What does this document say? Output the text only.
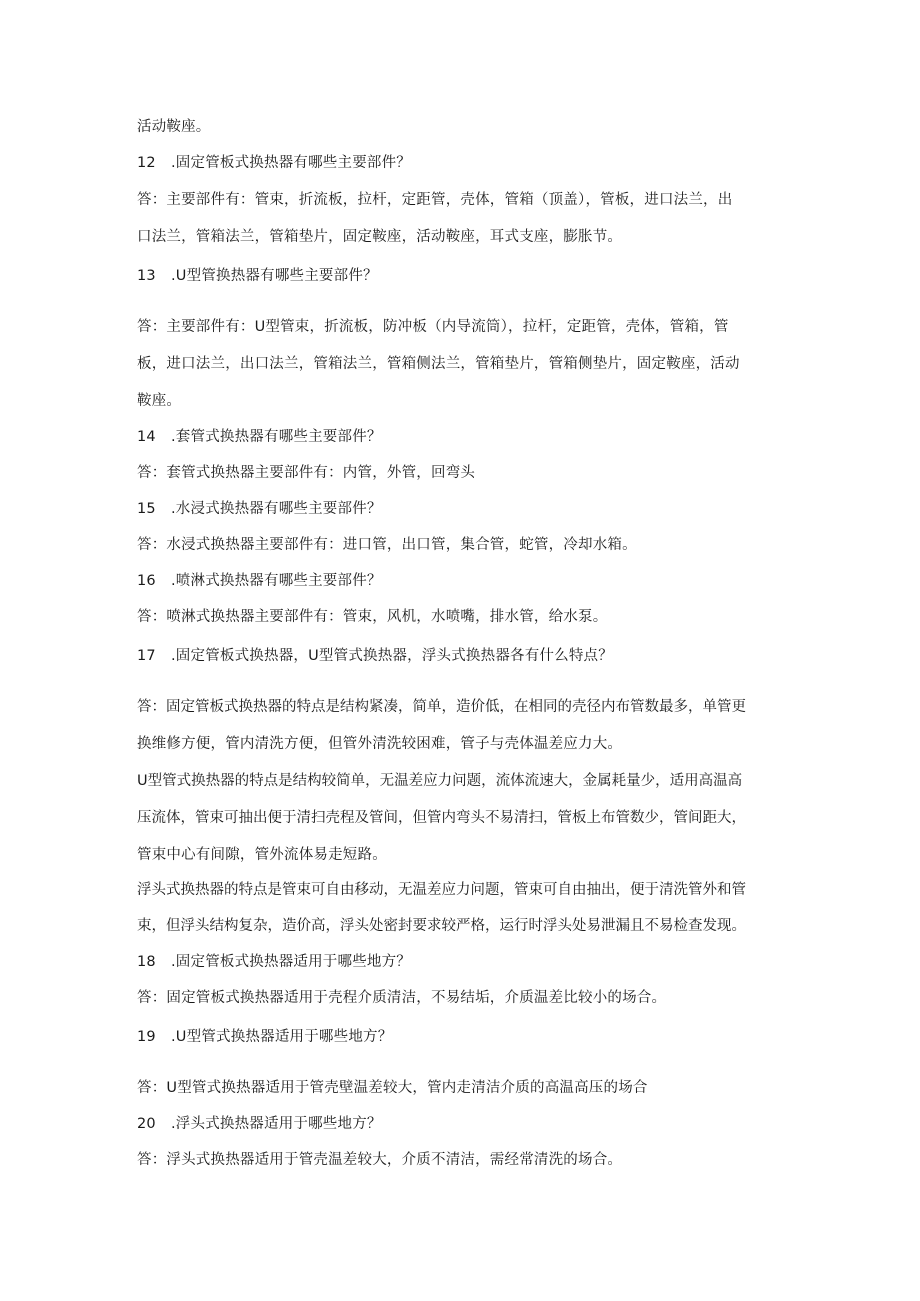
活动鞍座。
12 .固定管板式换热器有哪些主要部件？
答：主要部件有：管束，折流板，拉杆，定距管，壳体，管箱（顶盖），管板，进口法兰，出
口法兰，管箱法兰，管箱垫片，固定鞍座，活动鞍座，耳式支座，膨胀节。
13 .U型管换热器有哪些主要部件？
答：主要部件有：U型管束，折流板，防冲板（内导流筒），拉杆，定距管，壳体，管箱，管
板，进口法兰，出口法兰，管箱法兰，管箱侧法兰，管箱垫片，管箱侧垫片，固定鞍座，活动
鞍座。
14 .套管式换热器有哪些主要部件？
答：套管式换热器主要部件有：内管，外管，回弯头
15 .水浸式换热器有哪些主要部件？
答：水浸式换热器主要部件有：进口管，出口管，集合管，蛇管，冷却水箱。
16 .喷淋式换热器有哪些主要部件？
答：喷淋式换热器主要部件有：管束，风机，水喷嘴，排水管，给水泵。
17 .固定管板式换热器，U型管式换热器，浮头式换热器各有什么特点？
答：固定管板式换热器的特点是结构紧凑，简单，造价低，在相同的壳径内布管数最多，单管更
换维修方便，管内清洗方便，但管外清洗较困难，管子与壳体温差应力大。
U型管式换热器的特点是结构较简单，无温差应力问题，流体流速大，金属耗量少，适用高温高
压流体，管束可抽出便于清扫壳程及管间，但管内弯头不易清扫，管板上布管数少，管间距大，
管束中心有间隙，管外流体易走短路。
浮头式换热器的特点是管束可自由移动，无温差应力问题，管束可自由抽出，便于清洗管外和管
束，但浮头结构复杂，造价高，浮头处密封要求较严格，运行时浮头处易泄漏且不易检查发现。
18 .固定管板式换热器适用于哪些地方？
答：固定管板式换热器适用于壳程介质清洁，不易结垢，介质温差比较小的场合。
19 .U型管式换热器适用于哪些地方？
答：U型管式换热器适用于管壳壁温差较大，管内走清洁介质的高温高压的场合
20 .浮头式换热器适用于哪些地方？
答：浮头式换热器适用于管壳温差较大，介质不清洁，需经常清洗的场合。
